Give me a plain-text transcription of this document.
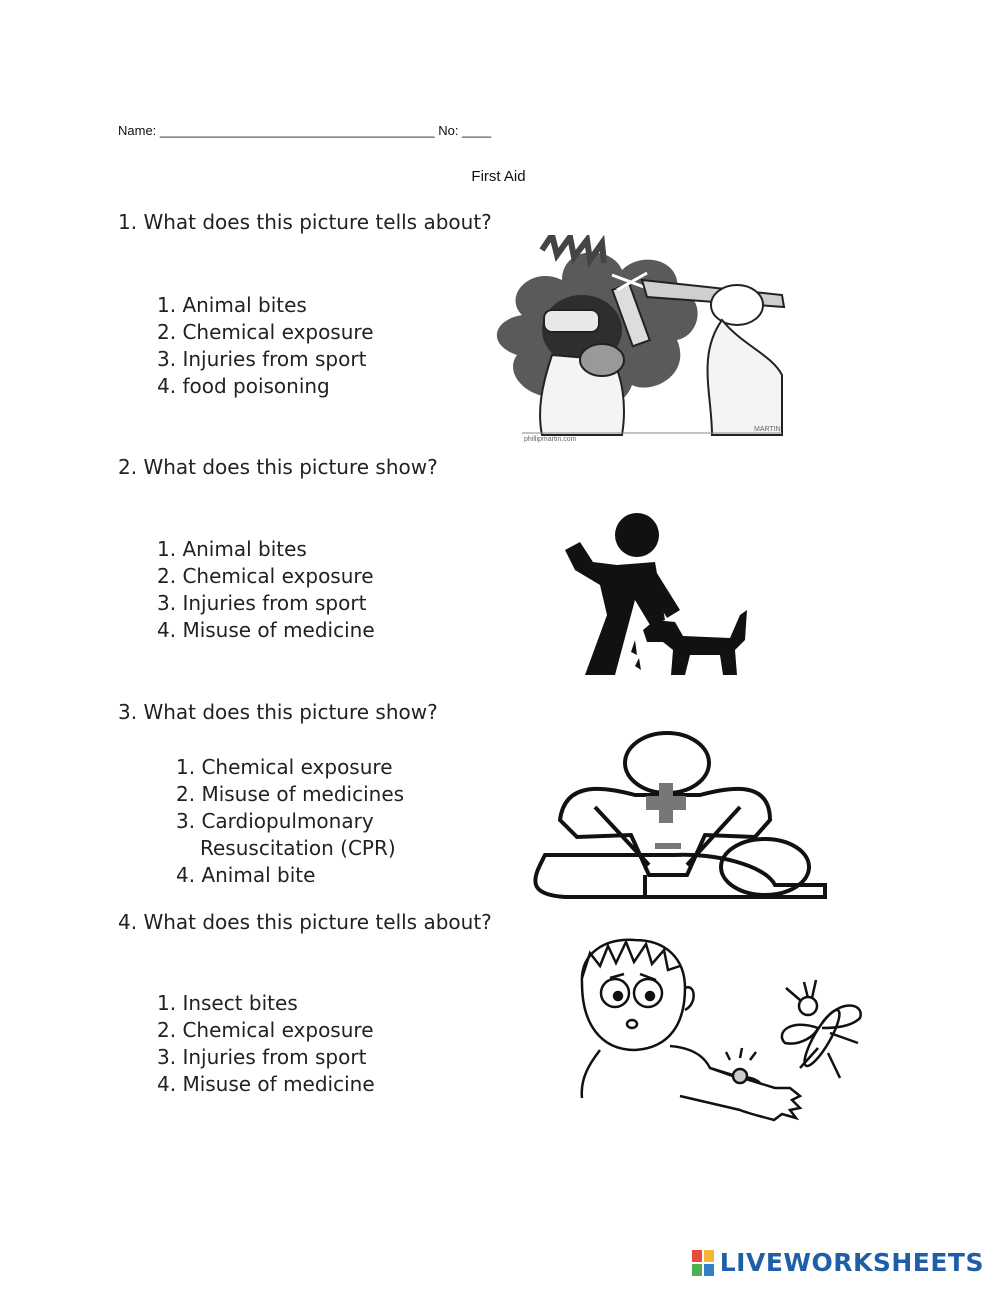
Name: ______________________________________ No: ____
First Aid
1. What does this picture tells about?
1. Animal bites
2. Chemical exposure
3. Injuries from sport
4. food poisoning
phillipmartin.com
MARTIN
2. What does this picture show?
1. Animal bites
2. Chemical exposure
3. Injuries from sport
4. Misuse of medicine
3. What does this picture show?
1. Chemical exposure
2. Misuse of medicines
3. Cardiopulmonary
Resuscitation (CPR)
4. Animal bite
4. What does this picture tells about?
1. Insect bites
2. Chemical exposure
3. Injuries from sport
4. Misuse of medicine
LIVEWORKSHEETS
